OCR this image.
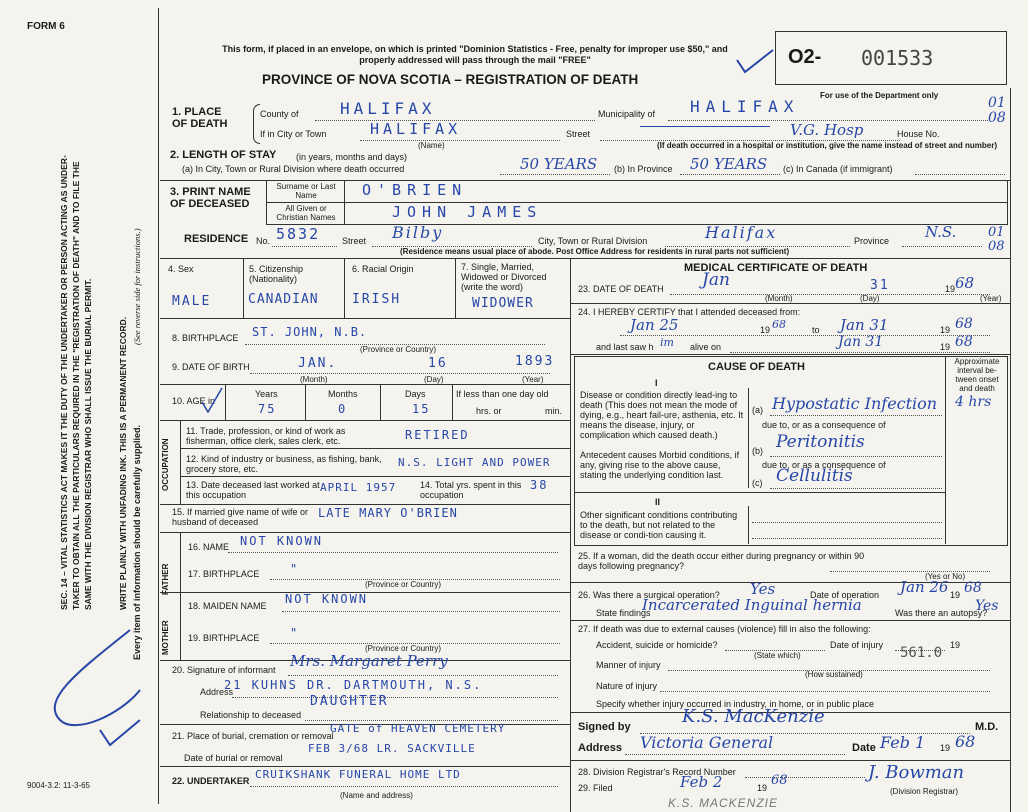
FORM 6
SEC. 14 – VITAL STATISTICS ACT MAKES IT THE DUTY OF THE UNDERTAKER OR PERSON ACTING AS UNDER-TAKER TO OBTAIN ALL THE PARTICULARS REQUIRED IN THE "REGISTRATION OF DEATH" AND TO FILE THE SAME WITH THE DIVISION REGISTRAR WHO SHALL ISSUE THE BURIAL PERMIT.	WRITE PLAINLY WITH UNFADING INK. THIS IS A PERMANENT RECORD.
(See reverse side for instructions.)
Every item of information should be carefully supplied.
9004-3.2: 11-3-65
This form, if placed in an envelope, on which is printed "Dominion Statistics - Free, penalty for improper use $50," and properly addressed will pass through the mail "FREE"
PROVINCE OF NOVA SCOTIA – REGISTRATION OF DEATH
O2- 001533
For use of the Department only
1. PLACE OF DEATH
County of	HALIFAX	Municipality of HALIFAX
If in City or Town	HALIFAX
(Name)
Street	V.G. Hosp	House No.
(If death occurred in a hospital or institution, give the name instead of street and number)
01 08
2. LENGTH OF STAY (in years, months and days)
(a) In City, Town or Rural Division where death occurred	50 YEARS (b) In Province 50 YEARS (c) In Canada (if immigrant)
3. PRINT NAME OF DECEASED
Surname or Last Name
All Given or Christian Names
O'BRIEN
JOHN JAMES
RESIDENCE No. 5832 Street Bilby	City, Town or Rural Division	Halifax	Province N.S. 01 08
(Residence means usual place of abode. Post Office Address for residents in rural parts not sufficient)
4. Sex	5. Citizenship (Nationality)
6. Racial Origin	7. Single, Married, Widowed or Divorced (write the word)
MALE	CANADIAN	IRISH	WIDOWER
8. BIRTHPLACE ST. JOHN, N.B.
(Province or Country)
9. DATE OF BIRTH	JAN.	16	1893
(Month)	(Day)	(Year)
10. AGE in
Years	Months	Days
75	0	15
If less than one day old
hrs. or	min.
OCCUPATION
11. Trade, profession, or kind of work as fisherman, office clerk, sales clerk, etc.	RETIRED
12. Kind of industry or business, as fishing, bank, grocery store, etc.	N.S. LIGHT AND POWER
13. Date deceased last worked at this occupation
APRIL 1957	14. Total yrs. spent in this occupation
38
15. If married give name of wife or husband of deceased
LATE MARY O'BRIEN
FATHER
MOTHER
16. NAME NOT KNOWN
17. BIRTHPLACE	"
(Province or Country)
18. MAIDEN NAME NOT KNOWN
19. BIRTHPLACE	"
(Province or Country)
20. Signature of informant Mrs. Margaret Perry
Address
21 KUHNS DR. DARTMOUTH, N.S.
Relationship to deceased
DAUGHTER
21. Place of burial, cremation or removal
GATE of HEAVEN CEMETERY
Date of burial or removal
FEB 3/68 LR. SACKVILLE
22. UNDERTAKER CRUIKSHANK FUNERAL HOME LTD
(Name and address)
MEDICAL CERTIFICATE OF DEATH
23. DATE OF DEATH Jan	31	19 68
(Month)	(Day)	(Year)
24. I HEREBY CERTIFY that I attended deceased from:
Jan 25	19 68	to Jan 31	19 68
and last saw h im alive on	Jan 31	19 68
CAUSE OF DEATH	Approximate interval be-tween onset and death
I
Disease or condition directly lead-ing to death (This does not mean the mode of dying, e.g., heart fail-ure, asthenia, etc. It means the disease, injury, or complication which caused death.)
(a) Hypostatic Infection 4 hrs
due to, or as a consequence of
Antecedent causes Morbid conditions, if any, giving rise to the above cause, stating the underlying condition last.
(b) Peritonitis
due to, or as a consequence of
(c) Cellulitis
II
Other significant conditions contributing to the death, but not related to the disease or condi-tion causing it.
25. If a woman, did the death occur either during pregnancy or within 90 days following pregnancy?
(Yes or No)
26. Was there a surgical operation? Yes	Date of operation Jan 26 19 68
State findings
Incarcerated Inguinal hernia	Was there an autopsy?
Yes
27. If death was due to external causes (violence) fill in also the following:
Accident, suicide or homicide?	Date of injury	19
(State which)
Manner of injury
(How sustained)
561.0
Nature of injury
Specify whether injury occurred in industry, in home, or in public place
Signed by	K.S. MacKenzie	M.D.
Address Victoria General	Date Feb 1 19 68
28. Division Registrar's Record Number
29. Filed	Feb 2	19 68	J. Bowman
(Division Registrar)
K.S. MACKENZIE
